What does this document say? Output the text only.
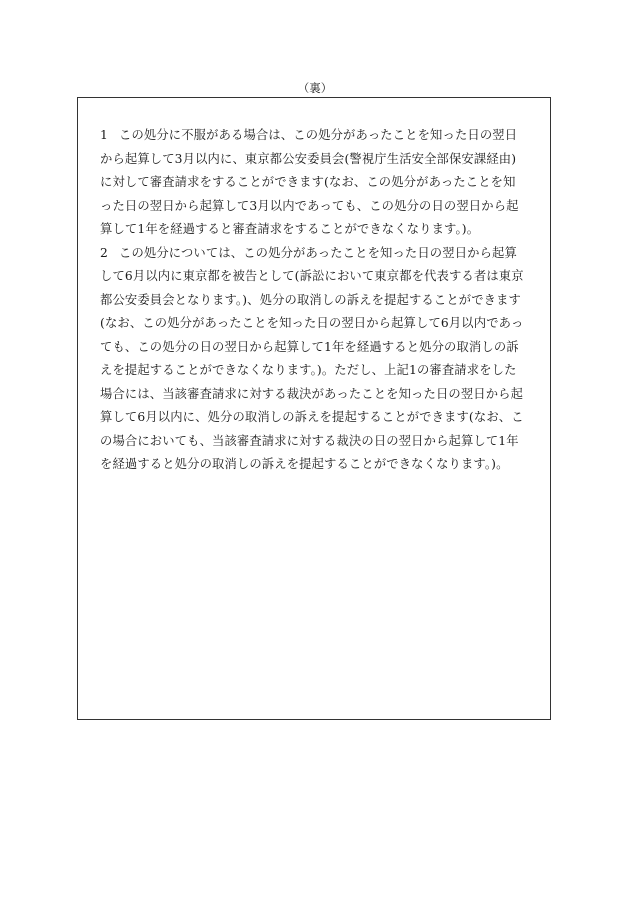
（裏）
1 この処分に不服がある場合は、この処分があったことを知った日の翌日から起算して3月以内に、東京都公安委員会(警視庁生活安全部保安課経由)に対して審査請求をすることができます(なお、この処分があったことを知った日の翌日から起算して3月以内であっても、この処分の日の翌日から起算して1年を経過すると審査請求をすることができなくなります。)。
2 この処分については、この処分があったことを知った日の翌日から起算して6月以内に東京都を被告として(訴訟において東京都を代表する者は東京都公安委員会となります。)、処分の取消しの訴えを提起することができます(なお、この処分があったことを知った日の翌日から起算して6月以内であっても、この処分の日の翌日から起算して1年を経過すると処分の取消しの訴えを提起することができなくなります。)。ただし、上記1の審査請求をした場合には、当該審査請求に対する裁決があったことを知った日の翌日から起算して6月以内に、処分の取消しの訴えを提起することができます(なお、この場合においても、当該審査請求に対する裁決の日の翌日から起算して1年を経過すると処分の取消しの訴えを提起することができなくなります。)。
